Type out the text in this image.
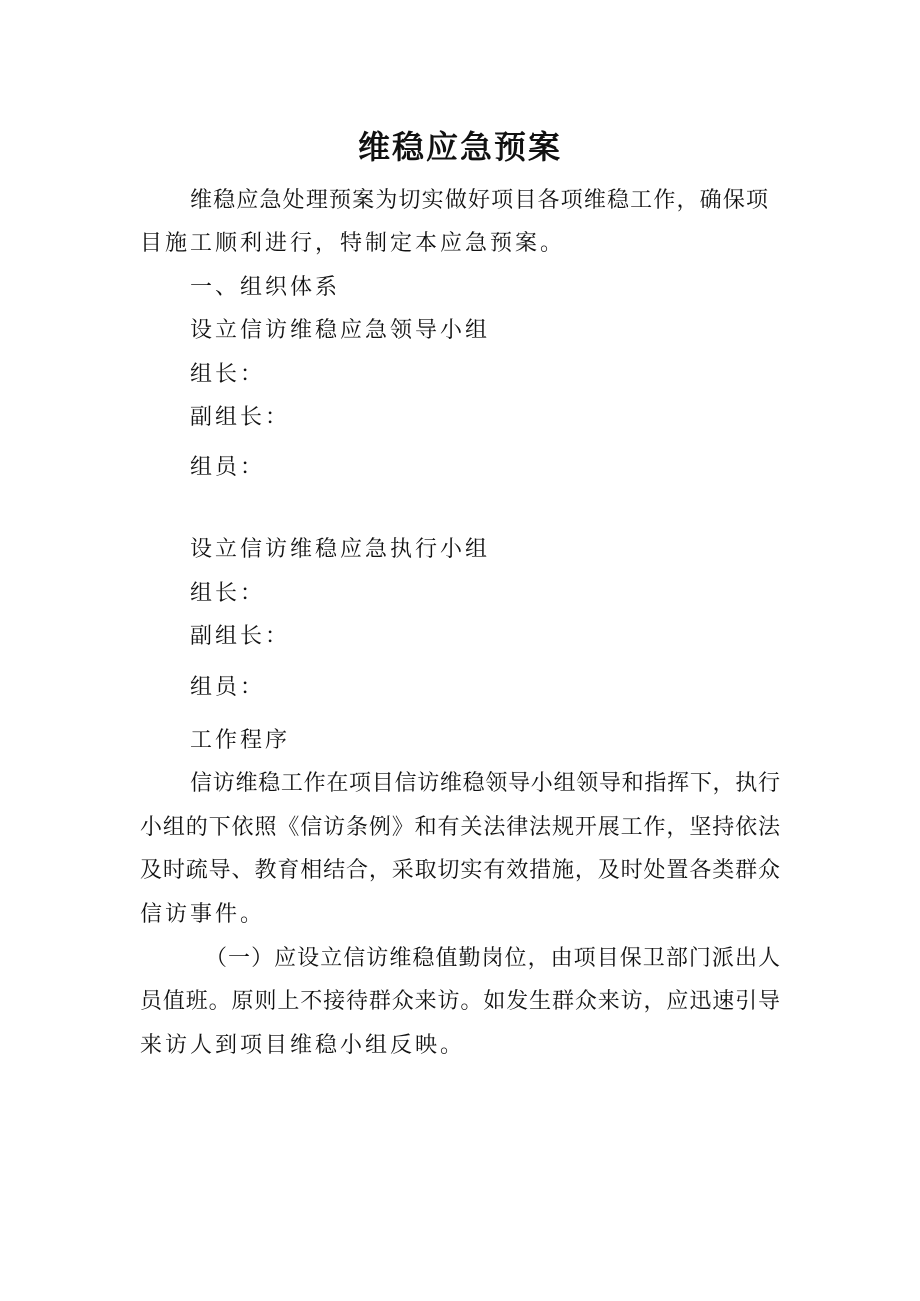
维稳应急预案
维稳应急处理预案为切实做好项目各项维稳工作，确保项
目施工顺利进行，特制定本应急预案。
一、组织体系
设立信访维稳应急领导小组
组长：
副组长：
组员：
设立信访维稳应急执行小组
组长：
副组长：
组员：
工作程序
信访维稳工作在项目信访维稳领导小组领导和指挥下，执行
小组的下依照《信访条例》和有关法律法规开展工作，坚持依法
及时疏导、教育相结合，采取切实有效措施，及时处置各类群众
信访事件。
（一）应设立信访维稳值勤岗位，由项目保卫部门派出人
员值班。原则上不接待群众来访。如发生群众来访，应迅速引导
来访人到项目维稳小组反映。
